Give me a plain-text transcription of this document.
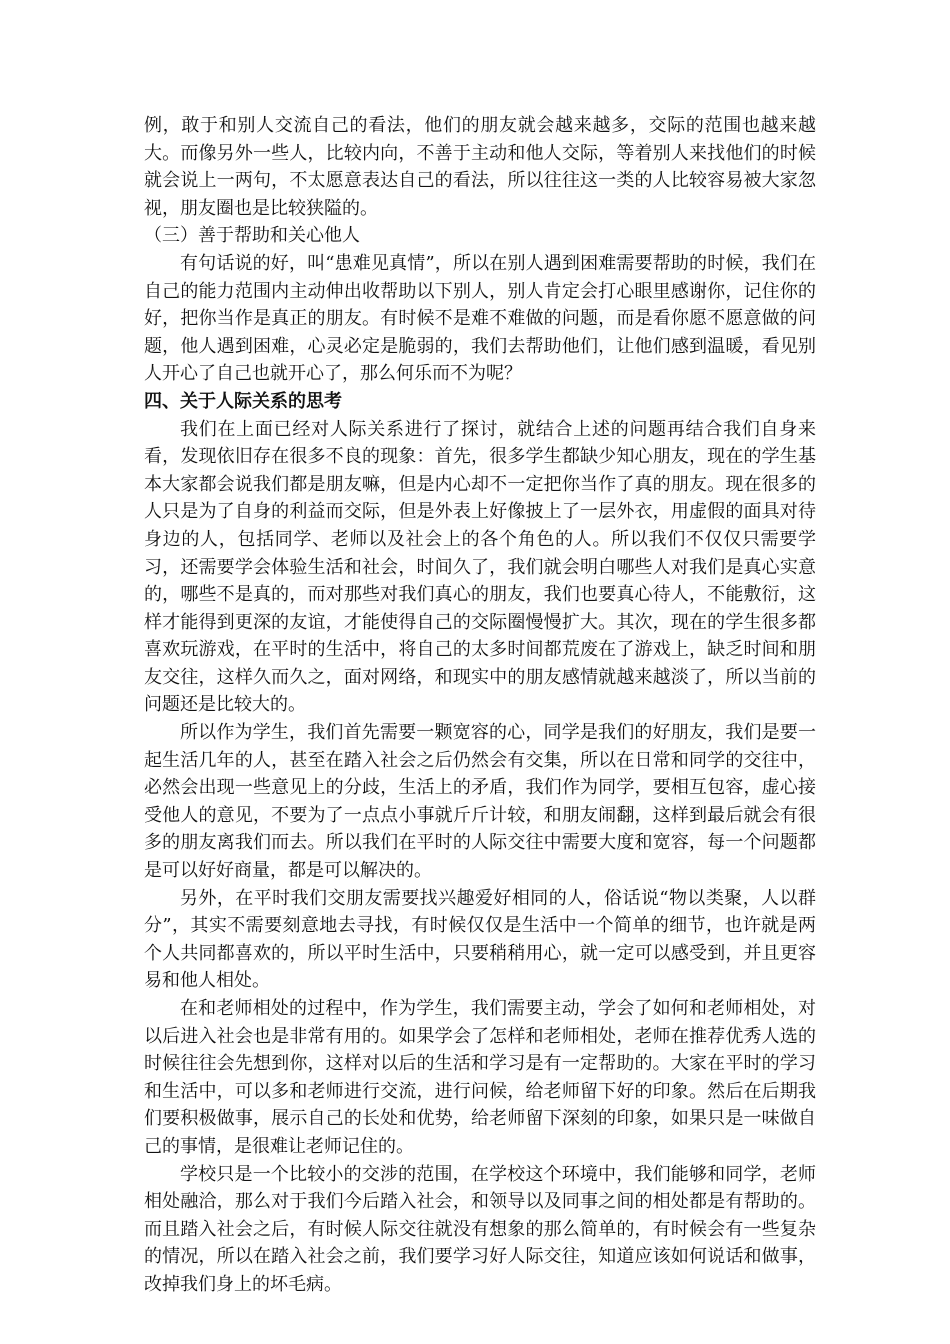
例，敢于和别人交流自己的看法，他们的朋友就会越来越多，交际的范围也越来越大。而像另外一些人，比较内向，不善于主动和他人交际，等着别人来找他们的时候就会说上一两句，不太愿意表达自己的看法，所以往往这一类的人比较容易被大家忽视，朋友圈也是比较狭隘的。

（三）善于帮助和关心他人

有句话说的好，叫“患难见真情”，所以在别人遇到困难需要帮助的时候，我们在自己的能力范围内主动伸出收帮助以下别人，别人肯定会打心眼里感谢你，记住你的好，把你当作是真正的朋友。有时候不是难不难做的问题，而是看你愿不愿意做的问题，他人遇到困难，心灵必定是脆弱的，我们去帮助他们，让他们感到温暖，看见别人开心了自己也就开心了，那么何乐而不为呢？

四、关于人际关系的思考

我们在上面已经对人际关系进行了探讨，就结合上述的问题再结合我们自身来看，发现依旧存在很多不良的现象：首先，很多学生都缺少知心朋友，现在的学生基本大家都会说我们都是朋友嘛，但是内心却不一定把你当作了真的朋友。现在很多的人只是为了自身的利益而交际，但是外表上好像披上了一层外衣，用虚假的面具对待身边的人，包括同学、老师以及社会上的各个角色的人。所以我们不仅仅只需要学习，还需要学会体验生活和社会，时间久了，我们就会明白哪些人对我们是真心实意的，哪些不是真的，而对那些对我们真心的朋友，我们也要真心待人，不能敷衍，这样才能得到更深的友谊，才能使得自己的交际圈慢慢扩大。其次，现在的学生很多都喜欢玩游戏，在平时的生活中，将自己的太多时间都荒废在了游戏上，缺乏时间和朋友交往，这样久而久之，面对网络，和现实中的朋友感情就越来越淡了，所以当前的问题还是比较大的。

所以作为学生，我们首先需要一颗宽容的心，同学是我们的好朋友，我们是要一起生活几年的人，甚至在踏入社会之后仍然会有交集，所以在日常和同学的交往中，必然会出现一些意见上的分歧，生活上的矛盾，我们作为同学，要相互包容，虚心接受他人的意见，不要为了一点点小事就斤斤计较，和朋友闹翻，这样到最后就会有很多的朋友离我们而去。所以我们在平时的人际交往中需要大度和宽容，每一个问题都是可以好好商量，都是可以解决的。

另外，在平时我们交朋友需要找兴趣爱好相同的人，俗话说“物以类聚，人以群分”，其实不需要刻意地去寻找，有时候仅仅是生活中一个简单的细节，也许就是两个人共同都喜欢的，所以平时生活中，只要稍稍用心，就一定可以感受到，并且更容易和他人相处。

在和老师相处的过程中，作为学生，我们需要主动，学会了如何和老师相处，对以后进入社会也是非常有用的。如果学会了怎样和老师相处，老师在推荐优秀人选的时候往往会先想到你，这样对以后的生活和学习是有一定帮助的。大家在平时的学习和生活中，可以多和老师进行交流，进行问候，给老师留下好的印象。然后在后期我们要积极做事，展示自己的长处和优势，给老师留下深刻的印象，如果只是一味做自己的事情，是很难让老师记住的。

学校只是一个比较小的交涉的范围，在学校这个环境中，我们能够和同学，老师相处融洽，那么对于我们今后踏入社会，和领导以及同事之间的相处都是有帮助的。而且踏入社会之后，有时候人际交往就没有想象的那么简单的，有时候会有一些复杂的情况，所以在踏入社会之前，我们要学习好人际交往，知道应该如何说话和做事，改掉我们身上的坏毛病。
